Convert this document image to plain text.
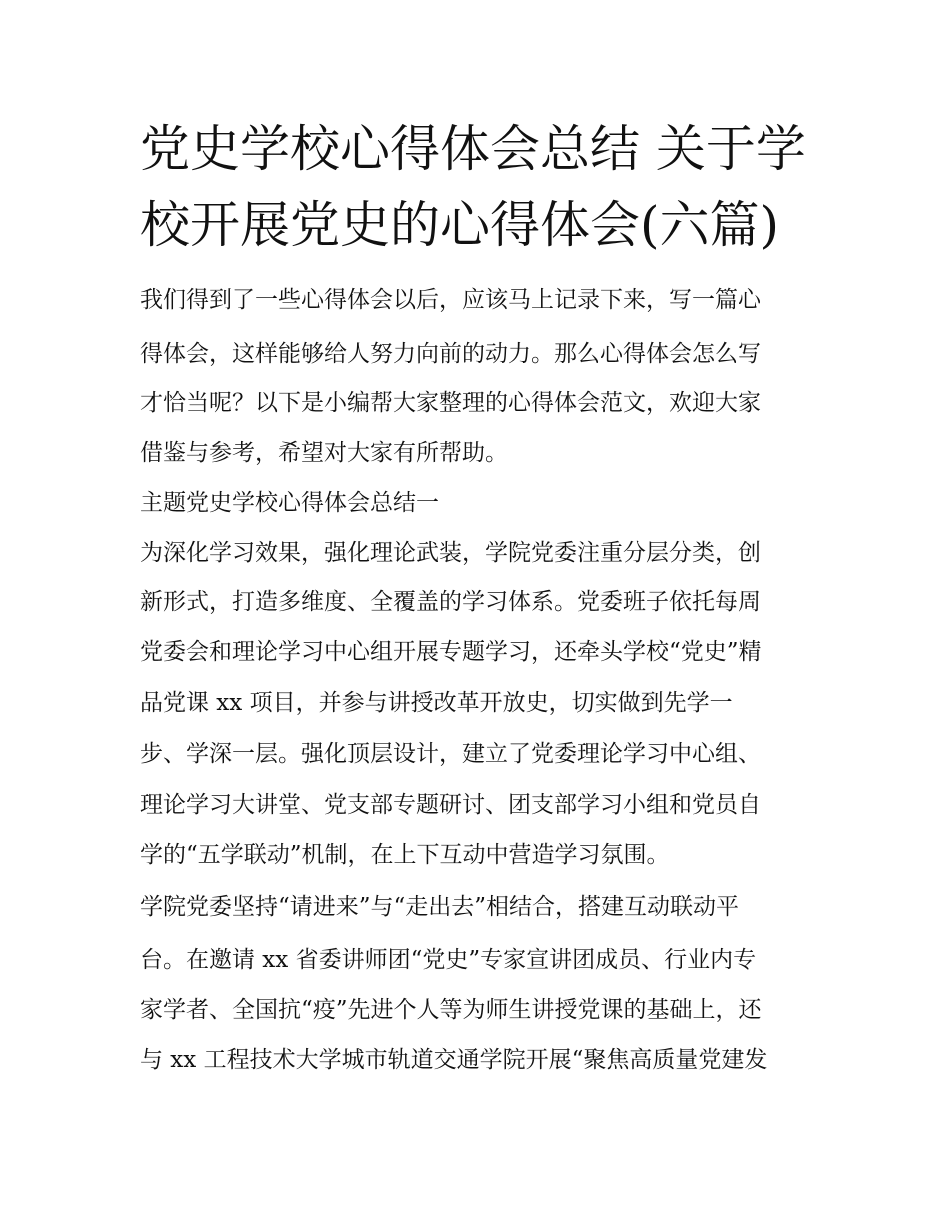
党史学校心得体会总结 关于学
校开展党史的心得体会(六篇)

我们得到了一些心得体会以后，应该马上记录下来，写一篇心

得体会，这样能够给人努力向前的动力。那么心得体会怎么写

才恰当呢？以下是小编帮大家整理的心得体会范文，欢迎大家

借鉴与参考，希望对大家有所帮助。

主题党史学校心得体会总结一

为深化学习效果，强化理论武装，学院党委注重分层分类，创

新形式，打造多维度、全覆盖的学习体系。党委班子依托每周

党委会和理论学习中心组开展专题学习，还牵头学校“党史”精

品党课 xx 项目，并参与讲授改革开放史，切实做到先学一

步、学深一层。强化顶层设计，建立了党委理论学习中心组、

理论学习大讲堂、党支部专题研讨、团支部学习小组和党员自

学的“五学联动”机制，在上下互动中营造学习氛围。

学院党委坚持“请进来”与“走出去”相结合，搭建互动联动平

台。在邀请 xx 省委讲师团“党史”专家宣讲团成员、行业内专

家学者、全国抗“疫”先进个人等为师生讲授党课的基础上，还

与 xx 工程技术大学城市轨道交通学院开展“聚焦高质量党建发
